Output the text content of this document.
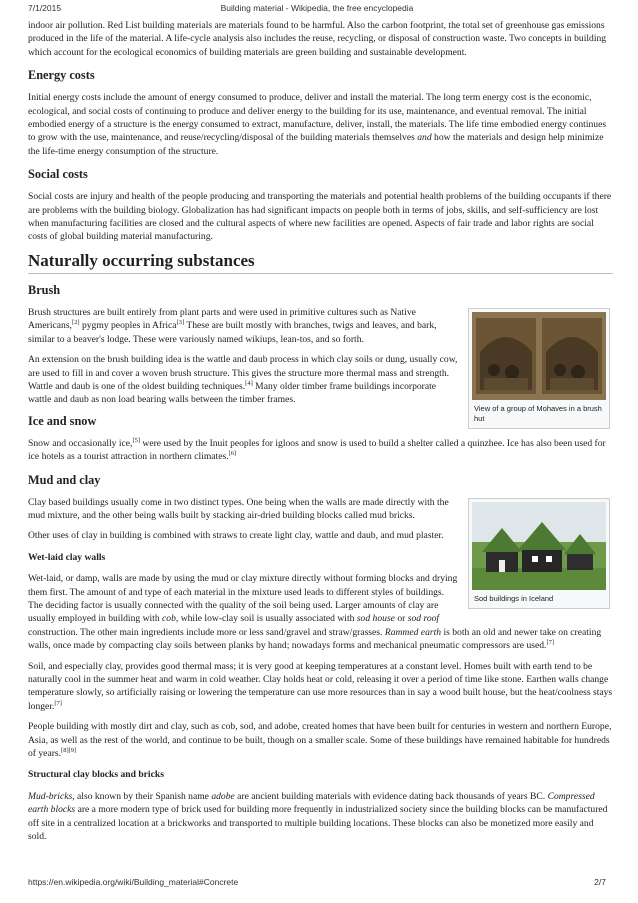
7/1/2015	Building material - Wikipedia, the free encyclopedia

indoor air pollution. Red List building materials are materials found to be harmful. Also the carbon footprint, the total set of greenhouse gas emissions produced in the life of the material. A life-cycle analysis also includes the reuse, recycling, or disposal of construction waste. Two concepts in building which account for the ecological economics of building materials are green building and sustainable development.

Energy costs

Initial energy costs include the amount of energy consumed to produce, deliver and install the material. The long term energy cost is the economic, ecological, and social costs of continuing to produce and deliver energy to the building for its use, maintenance, and eventual removal. The initial embodied energy of a structure is the energy consumed to extract, manufacture, deliver, install, the materials. The life time embodied energy continues to grow with the use, maintenance, and reuse/recycling/disposal of the building materials themselves and how the materials and design help minimize the life-time energy consumption of the structure.

Social costs

Social costs are injury and health of the people producing and transporting the materials and potential health problems of the building occupants if there are problems with the building biology. Globalization has had significant impacts on people both in terms of jobs, skills, and self-sufficiency are lost when manufacturing facilities are closed and the cultural aspects of where new facilities are opened. Aspects of fair trade and labor rights are social costs of global building material manufacturing.

Naturally occurring substances
Brush
View of a group of Mohaves in a brush hut

Brush structures are built entirely from plant parts and were used in primitive cultures such as Native Americans,[2] pygmy peoples in Africa[3] These are built mostly with branches, twigs and leaves, and bark, similar to a beaver's lodge. These were variously named wikiups, lean-tos, and so forth.

An extension on the brush building idea is the wattle and daub process in which clay soils or dung, usually cow, are used to fill in and cover a woven brush structure. This gives the structure more thermal mass and strength. Wattle and daub is one of the oldest building techniques.[4] Many older timber frame buildings incorporate wattle and daub as non load bearing walls between the timber frames.

Ice and snow

Snow and occasionally ice,[5] were used by the Inuit peoples for igloos and snow is used to build a shelter called a quinzhee. Ice has also been used for ice hotels as a tourist attraction in northern climates.[6]

Mud and clay
Sod buildings in Iceland

Clay based buildings usually come in two distinct types. One being when the walls are made directly with the mud mixture, and the other being walls built by stacking air-dried building blocks called mud bricks.

Other uses of clay in building is combined with straws to create light clay, wattle and daub, and mud plaster.

Wet-laid clay walls

Wet-laid, or damp, walls are made by using the mud or clay mixture directly without forming blocks and drying them first. The amount of and type of each material in the mixture used leads to different styles of buildings. The deciding factor is usually connected with the quality of the soil being used. Larger amounts of clay are usually employed in building with cob, while low-clay soil is usually associated with sod house or sod roof construction. The other main ingredients include more or less sand/gravel and straw/grasses. Rammed earth is both an old and newer take on creating walls, once made by compacting clay soils between planks by hand; nowadays forms and mechanical pneumatic compressors are used.[7]

Soil, and especially clay, provides good thermal mass; it is very good at keeping temperatures at a constant level. Homes built with earth tend to be naturally cool in the summer heat and warm in cold weather. Clay holds heat or cold, releasing it over a period of time like stone. Earthen walls change temperature slowly, so artificially raising or lowering the temperature can use more resources than in say a wood built house, but the heat/coolness stays longer.[7]

People building with mostly dirt and clay, such as cob, sod, and adobe, created homes that have been built for centuries in western and northern Europe, Asia, as well as the rest of the world, and continue to be built, though on a smaller scale. Some of these buildings have remained habitable for hundreds of years.[8][9]

Structural clay blocks and bricks

Mud-bricks, also known by their Spanish name adobe are ancient building materials with evidence dating back thousands of years BC. Compressed earth blocks are a more modern type of brick used for building more frequently in industrialized society since the building blocks can be manufactured off site in a centralized location at a brickworks and transported to multiple building locations. These blocks can also be monetized more easily and sold.

https://en.wikipedia.org/wiki/Building_material#Concrete	2/7
